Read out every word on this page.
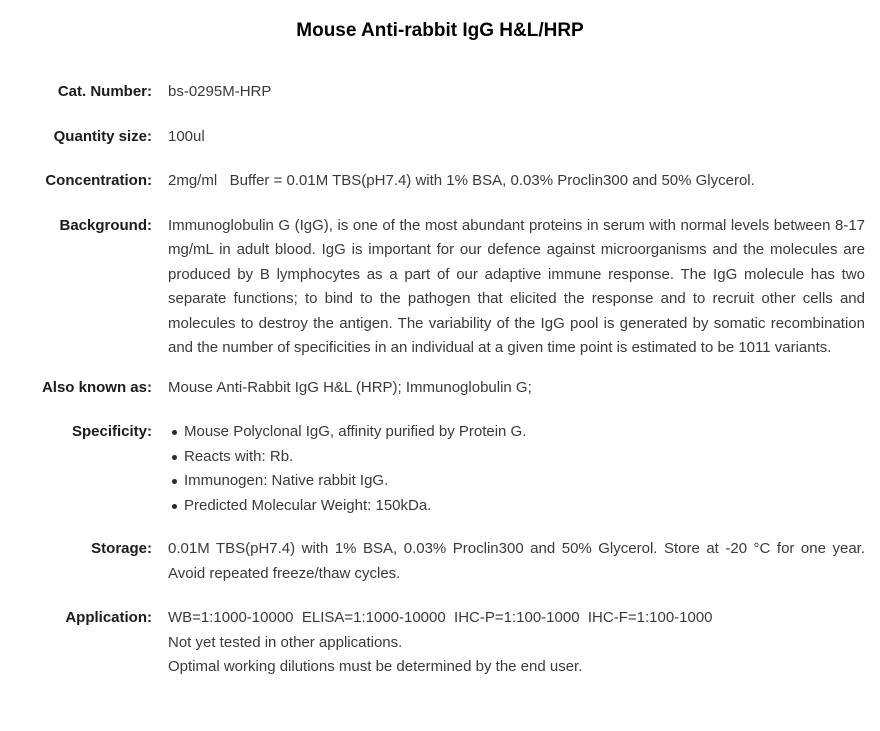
Mouse Anti-rabbit IgG H&L/HRP
Cat. Number: bs-0295M-HRP
Quantity size: 100ul
Concentration: 2mg/ml   Buffer = 0.01M TBS(pH7.4) with 1% BSA, 0.03% Proclin300 and 50% Glycerol.
Background: Immunoglobulin G (IgG), is one of the most abundant proteins in serum with normal levels between 8-17 mg/mL in adult blood. IgG is important for our defence against microorganisms and the molecules are produced by B lymphocytes as a part of our adaptive immune response. The IgG molecule has two separate functions; to bind to the pathogen that elicited the response and to recruit other cells and molecules to destroy the antigen. The variability of the IgG pool is generated by somatic recombination and the number of specificities in an individual at a given time point is estimated to be 1011 variants.
Also known as: Mouse Anti-Rabbit IgG H&L (HRP); Immunoglobulin G;
Specificity:	Mouse Polyclonal IgG, affinity purified by Protein G.
Reacts with: Rb.
Immunogen: Native rabbit IgG.
Predicted Molecular Weight: 150kDa.
Storage: 0.01M TBS(pH7.4) with 1% BSA, 0.03% Proclin300 and 50% Glycerol. Store at -20 °C for one year. Avoid repeated freeze/thaw cycles.
Application: WB=1:1000-10000  ELISA=1:1000-10000  IHC-P=1:100-1000  IHC-F=1:100-1000
Not yet tested in other applications.
Optimal working dilutions must be determined by the end user.
